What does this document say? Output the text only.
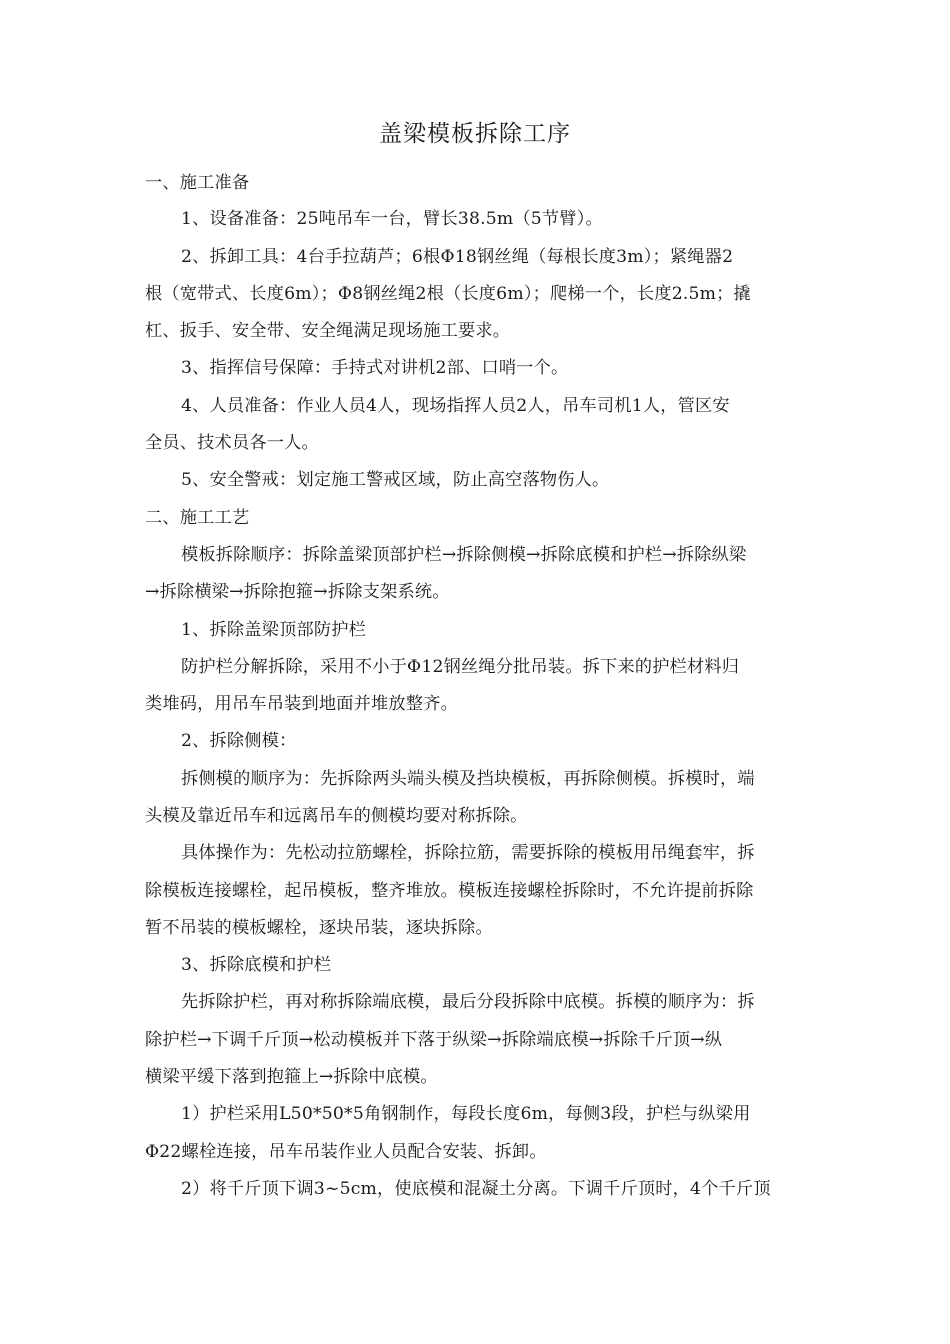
盖梁模板拆除工序
一、施工准备
1、设备准备：25吨吊车一台，臂长38.5m（5节臂）。
2、拆卸工具：4台手拉葫芦；6根Φ18钢丝绳（每根长度3m）；紧绳器2
根（宽带式、长度6m）；Φ8钢丝绳2根（长度6m）；爬梯一个，长度2.5m；撬
杠、扳手、安全带、安全绳满足现场施工要求。
3、指挥信号保障：手持式对讲机2部、口哨一个。
4、人员准备：作业人员4人，现场指挥人员2人，吊车司机1人，管区安
全员、技术员各一人。
5、安全警戒：划定施工警戒区域，防止高空落物伤人。
二、施工工艺
模板拆除顺序：拆除盖梁顶部护栏→拆除侧模→拆除底模和护栏→拆除纵梁
→拆除横梁→拆除抱箍→拆除支架系统。
1、拆除盖梁顶部防护栏
防护栏分解拆除，采用不小于Φ12钢丝绳分批吊装。拆下来的护栏材料归
类堆码，用吊车吊装到地面并堆放整齐。
2、拆除侧模：
拆侧模的顺序为：先拆除两头端头模及挡块模板，再拆除侧模。拆模时，端
头模及靠近吊车和远离吊车的侧模均要对称拆除。
具体操作为：先松动拉筋螺栓，拆除拉筋，需要拆除的模板用吊绳套牢，拆
除模板连接螺栓，起吊模板，整齐堆放。模板连接螺栓拆除时，不允许提前拆除
暂不吊装的模板螺栓，逐块吊装，逐块拆除。
3、拆除底模和护栏
先拆除护栏，再对称拆除端底模，最后分段拆除中底模。拆模的顺序为：拆
除护栏→下调千斤顶→松动模板并下落于纵梁→拆除端底模→拆除千斤顶→纵
横梁平缓下落到抱箍上→拆除中底模。
1）护栏采用L50*50*5角钢制作，每段长度6m，每侧3段，护栏与纵梁用
Φ22螺栓连接，吊车吊装作业人员配合安装、拆卸。
2）将千斤顶下调3~5cm，使底模和混凝土分离。下调千斤顶时，4个千斤顶
